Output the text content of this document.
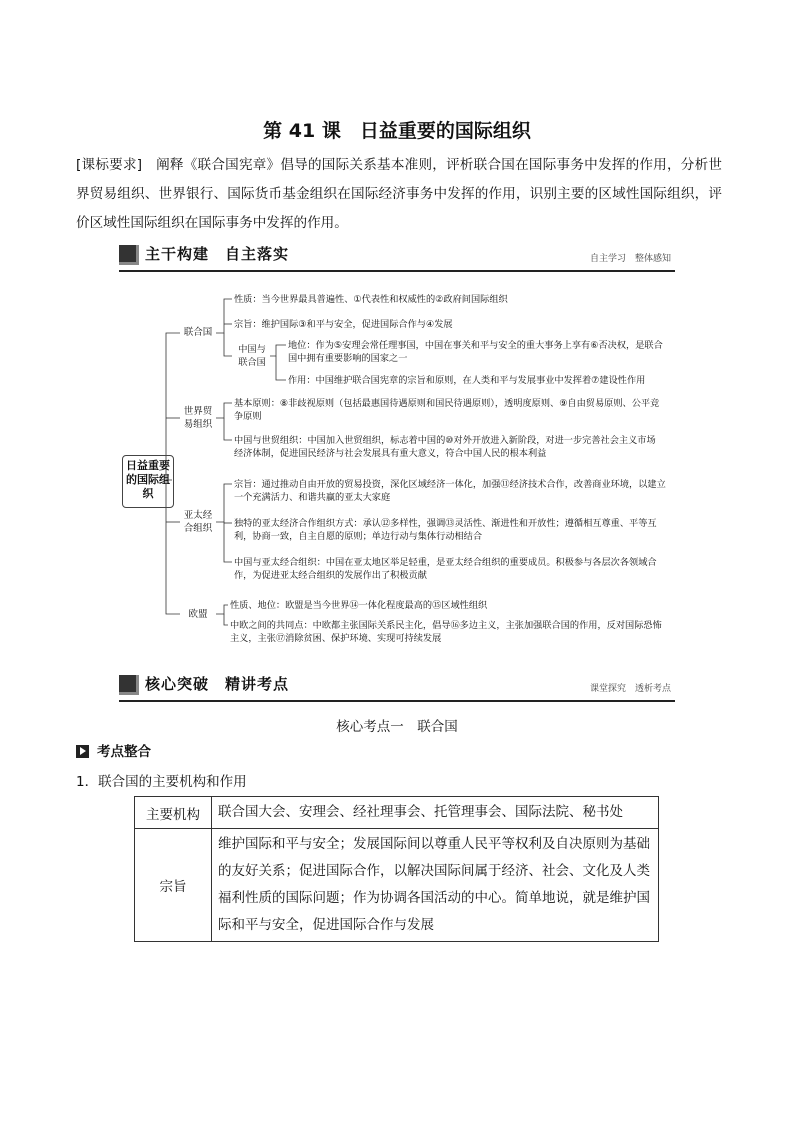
第 41 课　日益重要的国际组织
[课标要求]　 阐释《联合国宪章》倡导的国际关系基本准则，评析联合国在国际事务中发挥的作用，分析世界贸易组织、世界银行、国际货币基金组织在国际经济事务中发挥的作用，识别主要的区域性国际组织，评价区域性国际组织在国际事务中发挥的作用。
主干构建　自主落实	自主学习　整体感知
日益重要的国际组织
联合国
世界贸易组织
亚太经合组织
欧盟
性质：当今世界最具普遍性、①代表性和权威性的②政府间国际组织
宗旨：维护国际③和平与安全，促进国际合作与④发展
中国与联合国
地位：作为⑤安理会常任理事国，中国在事关和平与安全的重大事务上享有⑥否决权，是联合国中拥有重要影响的国家之一
作用：中国维护联合国宪章的宗旨和原则，在人类和平与发展事业中发挥着⑦建设性作用
基本原则：⑧非歧视原则（包括最惠国待遇原则和国民待遇原则），透明度原则、⑨自由贸易原则、公平竞争原则
中国与世贸组织：中国加入世贸组织，标志着中国的⑩对外开放进入新阶段，对进一步完善社会主义市场经济体制，促进国民经济与社会发展具有重大意义，符合中国人民的根本利益
宗旨：通过推动自由开放的贸易投资，深化区域经济一体化，加强⑪经济技术合作，改善商业环境，以建立一个充满活力、和谐共赢的亚太大家庭
独特的亚太经济合作组织方式：承认⑫多样性，强调⑬灵活性、渐进性和开放性；遵循相互尊重、平等互利，协商一致，自主自愿的原则；单边行动与集体行动相结合
中国与亚太经合组织：中国在亚太地区举足轻重，是亚太经合组织的重要成员。积极参与各层次各领域合作，为促进亚太经合组织的发展作出了积极贡献
性质、地位：欧盟是当今世界⑭一体化程度最高的⑮区域性组织
中欧之间的共同点：中欧都主张国际关系民主化，倡导⑯多边主义，主张加强联合国的作用，反对国际恐怖主义，主张⑰消除贫困、保护环境、实现可持续发展
核心突破　精讲考点	课堂探究　透析考点
核心考点一　联合国
考点整合
1．联合国的主要机构和作用
主要机构	联合国大会、安理会、经社理事会、托管理事会、国际法院、秘书处
宗旨	维护国际和平与安全；发展国际间以尊重人民平等权利及自决原则为基础的友好关系；促进国际合作，以解决国际间属于经济、社会、文化及人类福利性质的国际问题；作为协调各国活动的中心。简单地说，就是维护国际和平与安全，促进国际合作与发展
